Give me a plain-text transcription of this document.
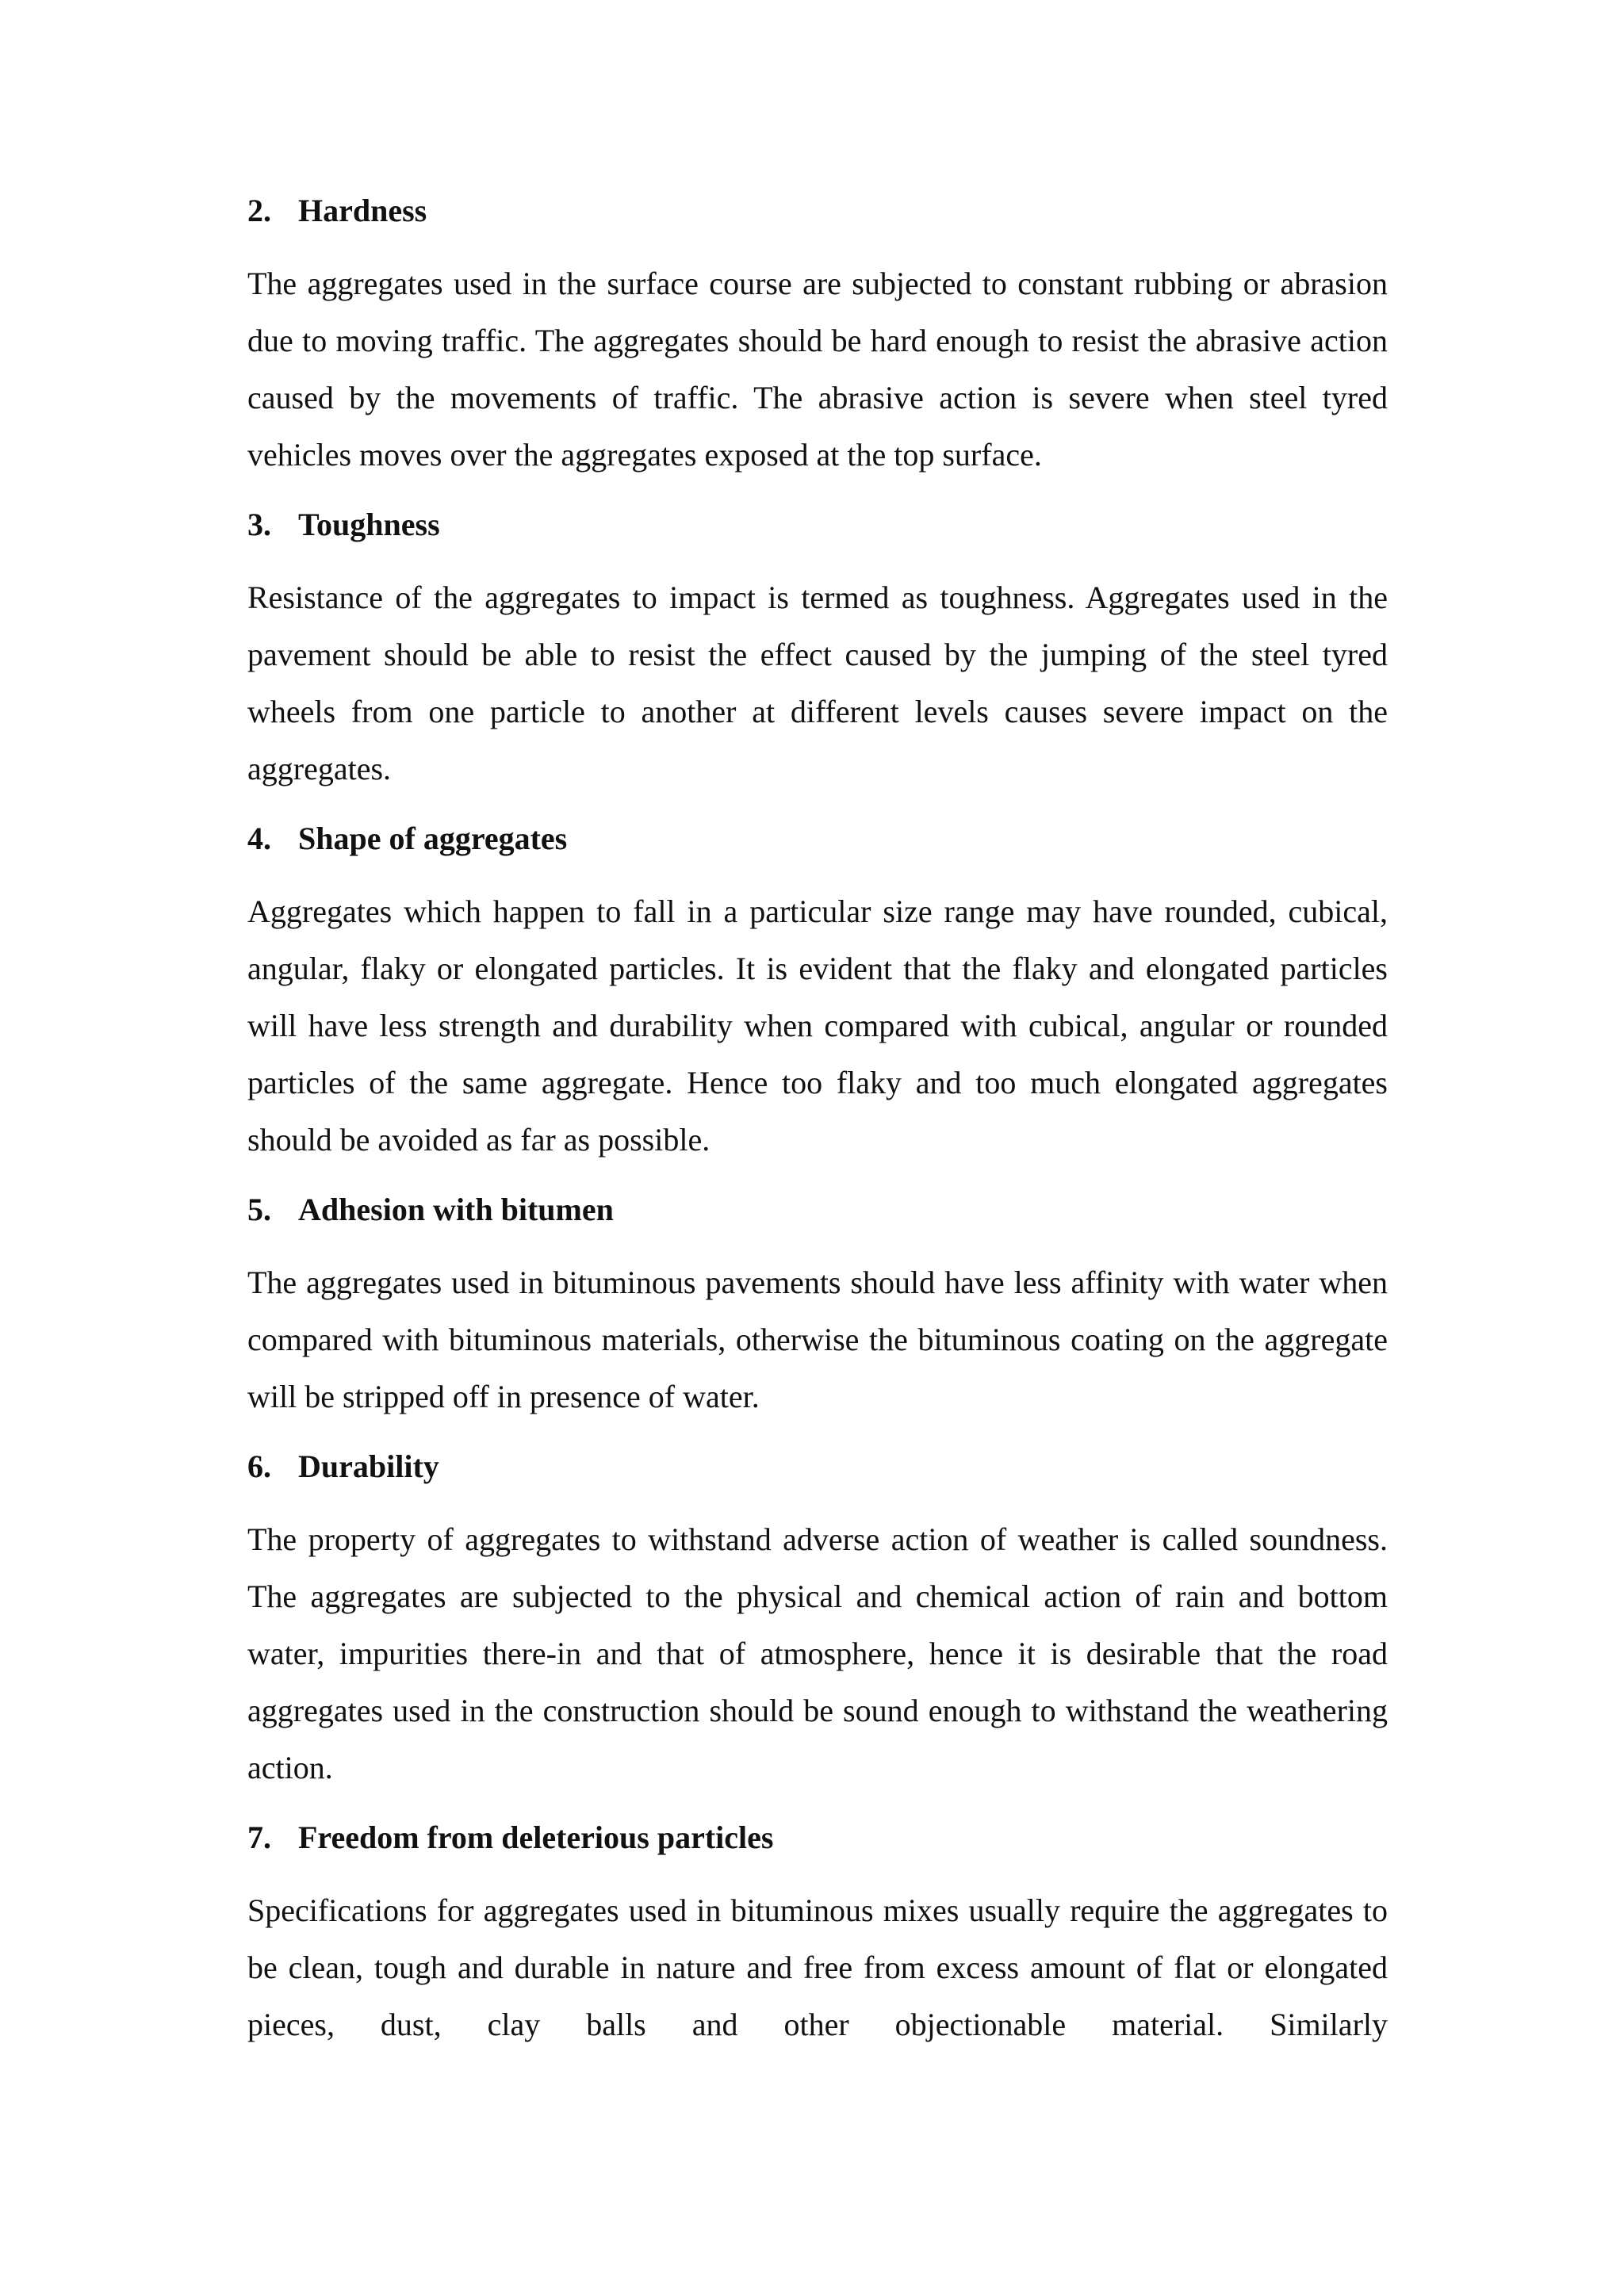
2. Hardness

The aggregates used in the surface course are subjected to constant rubbing or abrasion due to moving traffic. The aggregates should be hard enough to resist the abrasive action caused by the movements of traffic. The abrasive action is severe when steel tyred vehicles moves over the aggregates exposed at the top surface.

3. Toughness

Resistance of the aggregates to impact is termed as toughness. Aggregates used in the pavement should be able to resist the effect caused by the jumping of the steel tyred wheels from one particle to another at different levels causes severe impact on the aggregates.

4. Shape of aggregates

Aggregates which happen to fall in a particular size range may have rounded, cubical, angular, flaky or elongated particles. It is evident that the flaky and elongated particles will have less strength and durability when compared with cubical, angular or rounded particles of the same aggregate. Hence too flaky and too much elongated aggregates should be avoided as far as possible.

5. Adhesion with bitumen

The aggregates used in bituminous pavements should have less affinity with water when compared with bituminous materials, otherwise the bituminous coating on the aggregate will be stripped off in presence of water.

6. Durability

The property of aggregates to withstand adverse action of weather is called soundness. The aggregates are subjected to the physical and chemical action of rain and bottom water, impurities there-in and that of atmosphere, hence it is desirable that the road aggregates used in the construction should be sound enough to withstand the weathering action.

7. Freedom from deleterious particles

Specifications for aggregates used in bituminous mixes usually require the aggregates to be clean, tough and durable in nature and free from excess amount of flat or elongated pieces, dust, clay balls and other objectionable material. Similarly
